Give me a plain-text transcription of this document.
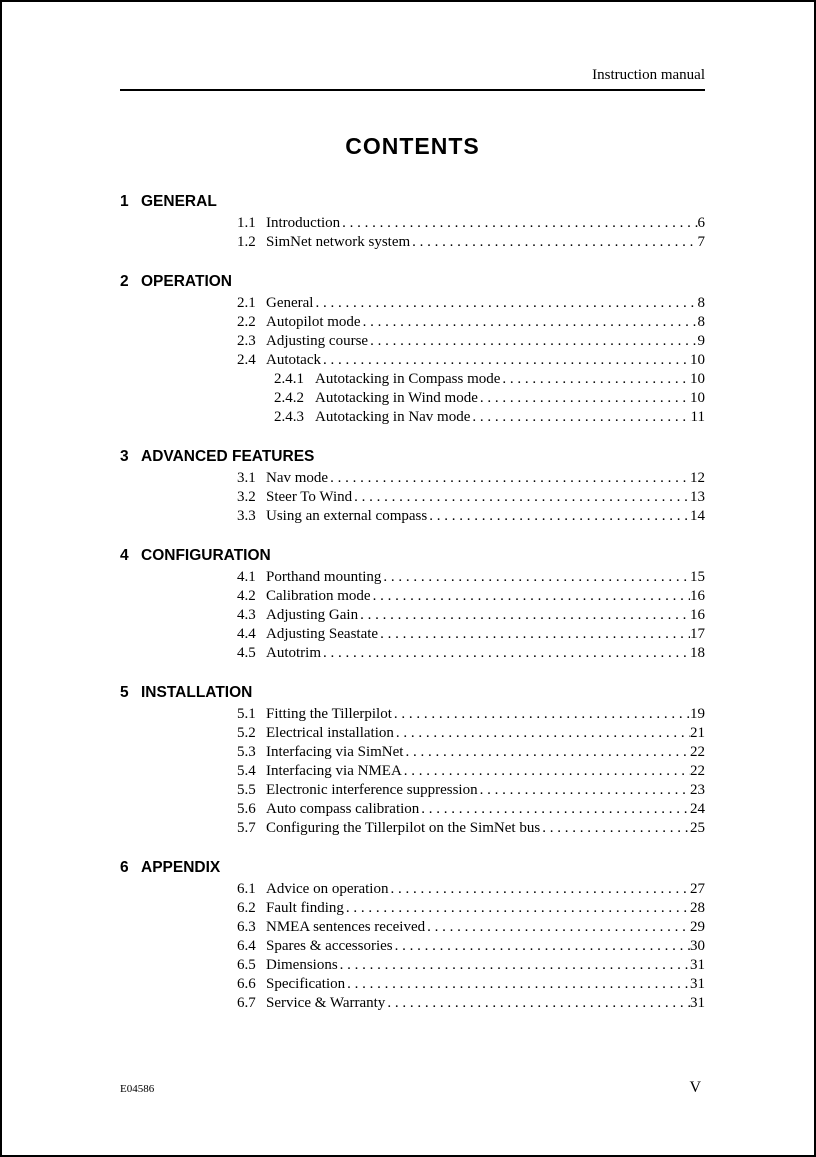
Instruction manual
CONTENTS
1 GENERAL
1.1 Introduction . . .	6
1.2 SimNet network system . . .	7
2 OPERATION
2.1 General . . .	8
2.2 Autopilot mode . . .	8
2.3 Adjusting course . . .	9
2.4 Autotack . . .	10
2.4.1 Autotacking in Compass mode . . .	10
2.4.2 Autotacking in Wind mode . . .	10
2.4.3 Autotacking in Nav mode . . .	11
3 ADVANCED FEATURES
3.1 Nav mode . . .	12
3.2 Steer To Wind . . .	13
3.3 Using an external compass . . .	14
4 CONFIGURATION
4.1 Porthand mounting . . .	15
4.2 Calibration mode . . .	16
4.3 Adjusting Gain . . .	16
4.4 Adjusting Seastate . . .	17
4.5 Autotrim . . .	18
5 INSTALLATION
5.1 Fitting the Tillerpilot . . .	19
5.2 Electrical installation . . .	21
5.3 Interfacing via SimNet . . .	22
5.4 Interfacing via NMEA . . .	22
5.5 Electronic interference suppression . . .	23
5.6 Auto compass calibration . . .	24
5.7 Configuring the Tillerpilot on the SimNet bus . . .	25
6 APPENDIX
6.1 Advice on operation . . .	27
6.2 Fault finding . . .	28
6.3 NMEA sentences received . . .	29
6.4 Spares & accessories . . .	30
6.5 Dimensions . . .	31
6.6 Specification . . .	31
6.7 Service & Warranty . . .	31
E04586	V
